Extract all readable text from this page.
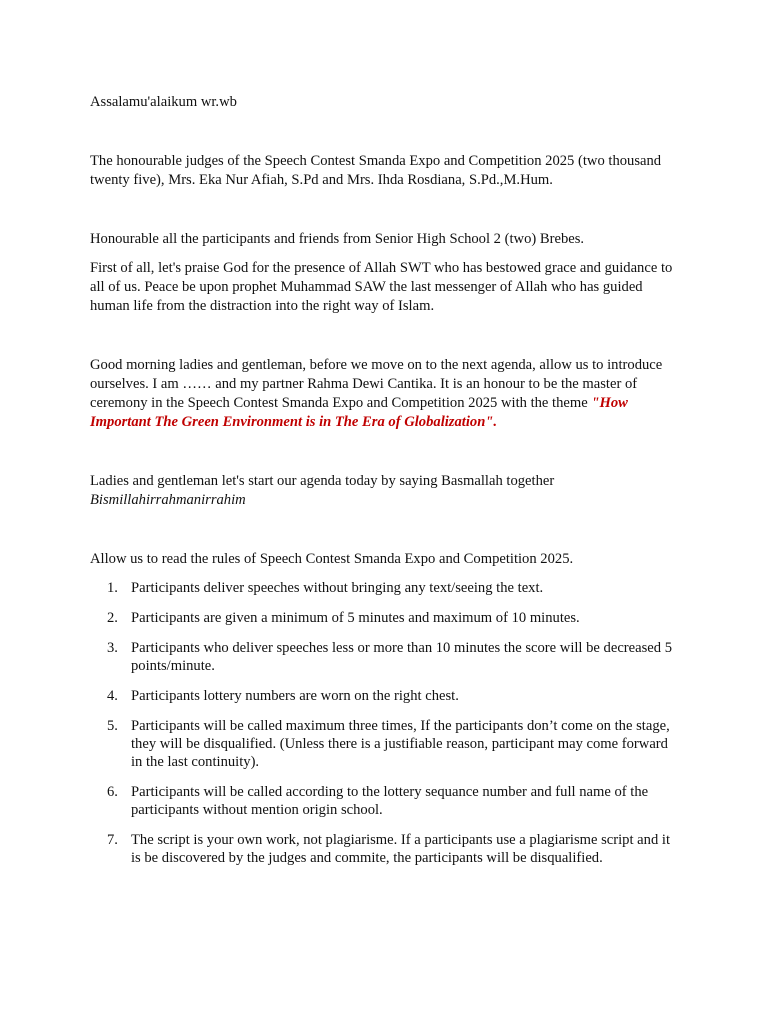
Assalamu'alaikum wr.wb

The honourable judges of the Speech Contest Smanda Expo and Competition 2025 (two thousand twenty five), Mrs. Eka Nur Afiah, S.Pd and Mrs. Ihda Rosdiana, S.Pd.,M.Hum.

Honourable all the participants and friends from Senior High School 2 (two) Brebes.

First of all, let's praise God for the presence of Allah SWT who has bestowed grace and guidance to all of us. Peace be upon prophet Muhammad SAW the last messenger of Allah who has guided human life from the distraction into the right way of Islam.

Good morning ladies and gentleman, before we move on to the next agenda, allow us to introduce ourselves. I am …… and my partner Rahma Dewi Cantika. It is an honour to be the master of ceremony in the Speech Contest Smanda Expo and Competition 2025 with the theme "How Important The Green Environment is in The Era of Globalization".

Ladies and gentleman let's start our agenda today by saying Basmallah together
Bismillahirrahmanirrahim

Allow us to read the rules of Speech Contest Smanda Expo and Competition 2025.

1. Participants deliver speeches without bringing any text/seeing the text.
2. Participants are given a minimum of 5 minutes and maximum of 10 minutes.
3. Participants who deliver speeches less or more than 10 minutes the score will be decreased 5 points/minute.
4. Participants lottery numbers are worn on the right chest.
5. Participants will be called maximum three times, If the participants don’t come on the stage, they will be disqualified. (Unless there is a justifiable reason, participant may come forward in the last continuity).
6. Participants will be called according to the lottery sequance number and full name of the participants without mention origin school.
7. The script is your own work, not plagiarisme. If a participants use a plagiarisme script and it is be discovered by the judges and commite, the participants will be disqualified.
